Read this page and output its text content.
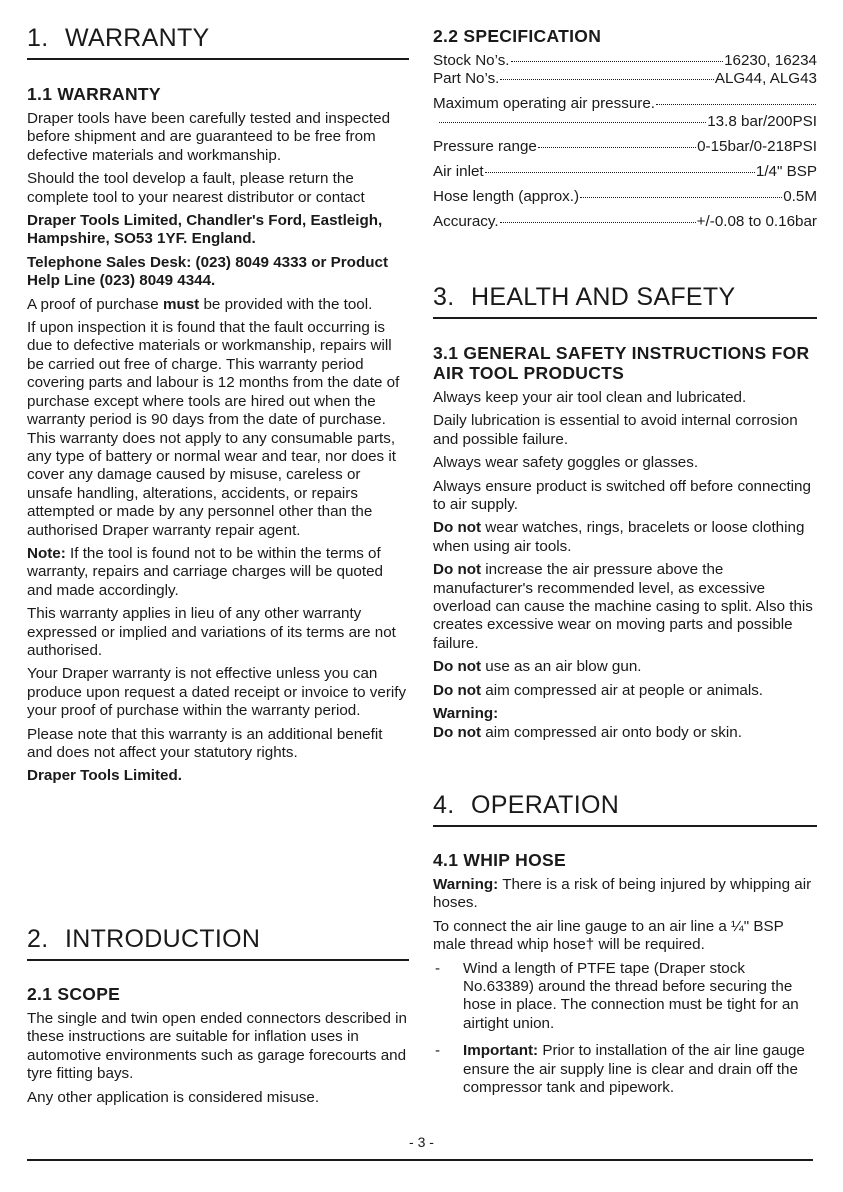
1. WARRANTY
1.1 WARRANTY

Draper tools have been carefully tested and inspected before shipment and are guaranteed to be free from defective materials and workmanship.

Should the tool develop a fault, please return the complete tool to your nearest distributor or contact

Draper Tools Limited, Chandler's Ford, Eastleigh, Hampshire, SO53 1YF. England.

Telephone Sales Desk: (023) 8049 4333 or Product Help Line (023) 8049 4344.

A proof of purchase must be provided with the tool.

If upon inspection it is found that the fault occurring is due to defective materials or workmanship, repairs will be carried out free of charge. This warranty period covering parts and labour is 12 months from the date of purchase except where tools are hired out when the warranty period is 90 days from the date of purchase. This warranty does not apply to any consumable parts, any type of battery or normal wear and tear, nor does it cover any damage caused by misuse, careless or unsafe handling, alterations, accidents, or repairs attempted or made by any personnel other than the authorised Draper warranty repair agent.

Note: If the tool is found not to be within the terms of warranty, repairs and carriage charges will be quoted and made accordingly.

This warranty applies in lieu of any other warranty expressed or implied and variations of its terms are not authorised.

Your Draper warranty is not effective unless you can produce upon request a dated receipt or invoice to verify your proof of purchase within the warranty period.

Please note that this warranty is an additional benefit and does not affect your statutory rights.

Draper Tools Limited.

2. INTRODUCTION
2.1 SCOPE

The single and twin open ended connectors described in these instructions are suitable for inflation uses in automotive environments such as garage forecourts and tyre fitting bays.

Any other application is considered misuse.

2.2 SPECIFICATION
Stock No’s.	16230, 16234
Part No’s.	ALG44, ALG43
Maximum operating air pressure.
13.8 bar/200PSI
Pressure range	0-15bar/0-218PSI
Air inlet	1/4" BSP
Hose length (approx.)	0.5M
Accuracy.	+/-0.08 to 0.16bar
3. HEALTH AND SAFETY
3.1 GENERAL SAFETY INSTRUCTIONS FOR AIR TOOL PRODUCTS

Always keep your air tool clean and lubricated.

Daily lubrication is essential to avoid internal corrosion and possible failure.

Always wear safety goggles or glasses.

Always ensure product is switched off before connecting to air supply.

Do not wear watches, rings, bracelets or loose clothing when using air tools.

Do not increase the air pressure above the manufacturer's recommended level, as excessive overload can cause the machine casing to split. Also this creates excessive wear on moving parts and possible failure.

Do not use as an air blow gun.

Do not aim compressed air at people or animals.

Warning:

Do not aim compressed air onto body or skin.

4. OPERATION
4.1 WHIP HOSE

Warning: There is a risk of being injured by whipping air hoses.

To connect the air line gauge to an air line a ¼" BSP male thread whip hose† will be required.

- Wind a length of PTFE tape (Draper stock No.63389) around the thread before securing the hose in place. The connection must be tight for an airtight union.
- Important: Prior to installation of the air line gauge ensure the air supply line is clear and drain off the compressor tank and pipework.
- 3 -
